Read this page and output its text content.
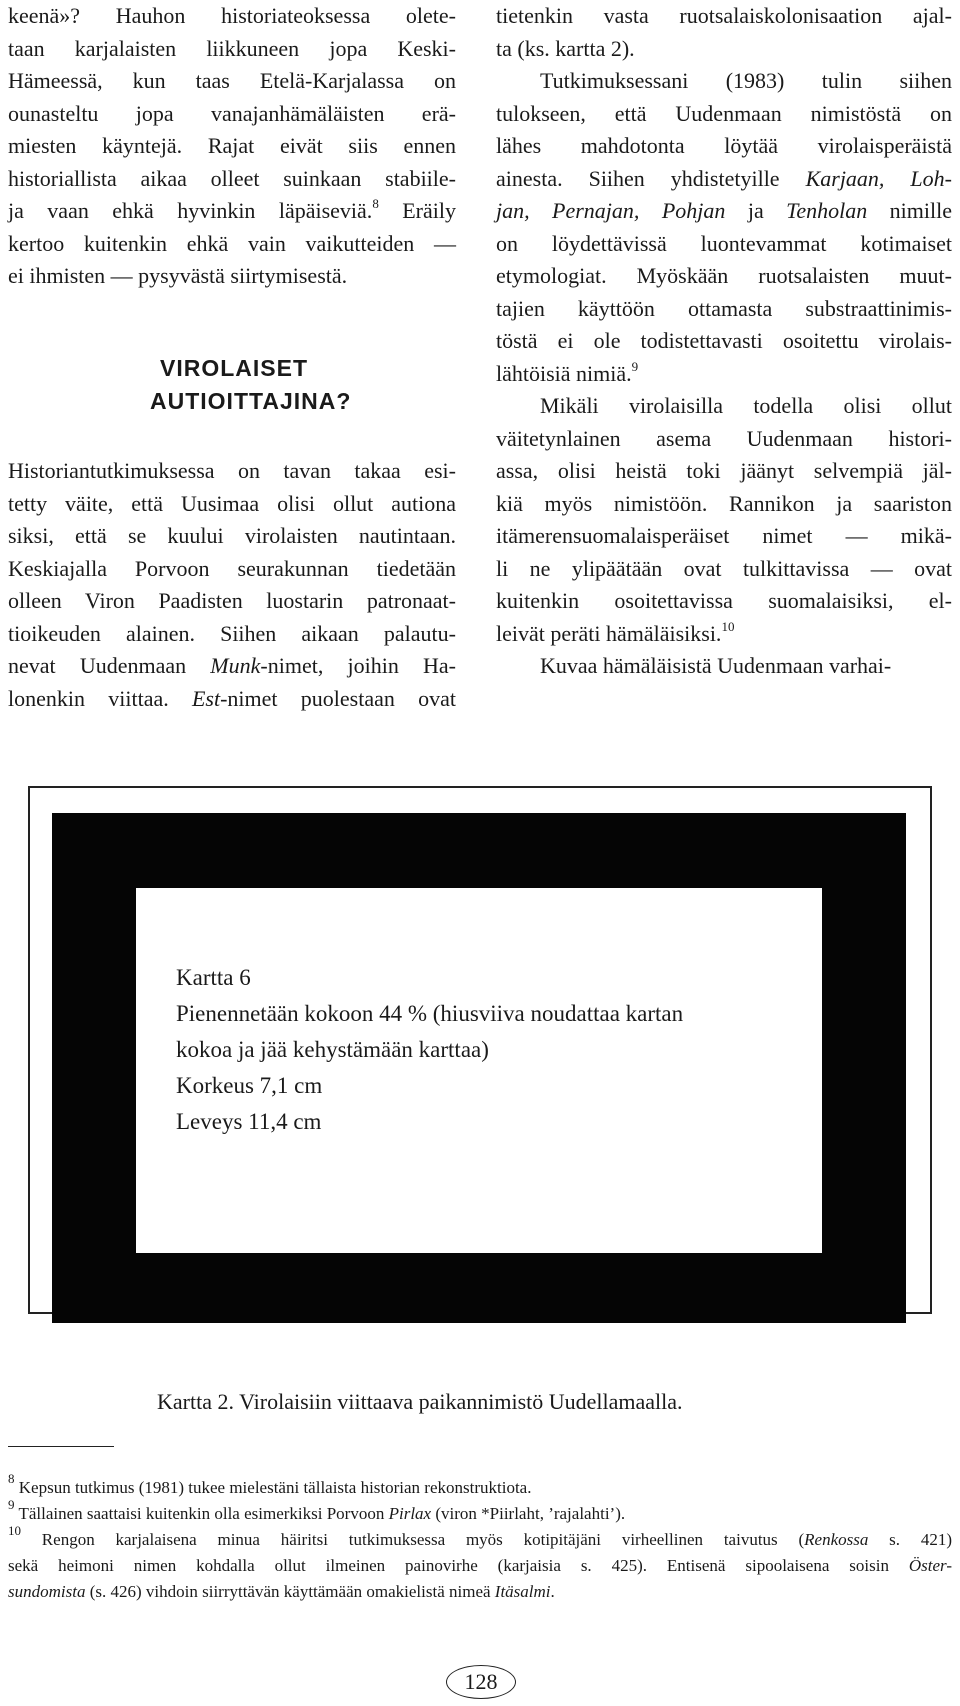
keenä»? Hauhon historiateoksessa olete-
taan karjalaisten liikkuneen jopa Keski-
Hämeessä, kun taas Etelä-Karjalassa on
ounasteltu jopa vanajanhämäläisten erä-
miesten käyntejä. Rajat eivät siis ennen
historiallista aikaa olleet suinkaan stabiile-
ja vaan ehkä hyvinkin läpäiseviä.$^8$ Eräily
kertoo kuitenkin ehkä vain vaikutteiden —
ei ihmisten — pysyvästä siirtymisestä.
VIROLAISET
AUTIOITTAJINA?
Historiantutkimuksessa on tavan takaa esi-
tetty väite, että Uusimaa olisi ollut autiona
siksi, että se kuului virolaisten nautintaan.
Keskiajalla Porvoon seurakunnan tiedetään
olleen Viron Paadisten luostarin patronaat-
tioikeuden alainen. Siihen aikaan palautu-
nevat Uudenmaan Munk-nimet, joihin Ha-
lonenkin viittaa. Est-nimet puolestaan ovat
tietenkin vasta ruotsalaiskolonisaation ajal-
ta (ks. kartta 2).
Tutkimuksessani (1983) tulin siihen
tulokseen, että Uudenmaan nimistöstä on
lähes mahdotonta löytää virolaisperäistä
ainesta. Siihen yhdistetyille Karjaan, Loh-
jan, Pernajan, Pohjan ja Tenholan nimille
on löydettävissä luontevammat kotimaiset
etymologiat. Myöskään ruotsalaisten muut-
tajien käyttöön ottamasta substraattinimis-
töstä ei ole todistettavasti osoitettu virolais-
lähtöisiä nimiä.$^9$
Mikäli virolaisilla todella olisi ollut
väitetynlainen asema Uudenmaan histori-
assa, olisi heistä toki jäänyt selvempiä jäl-
kiä myös nimistöön. Rannikon ja saariston
itämerensuomalaisperäiset nimet — mikä-
li ne ylipäätään ovat tulkittavissa — ovat
kuitenkin osoitettavissa suomalaisiksi, el-
leivät peräti hämäläisiksi.$^{10}$
Kuvaa hämäläisistä Uudenmaan varhai-
Kartta 6
Pienennetään kokoon 44 % (hiusviiva noudattaa kartan
kokoa ja jää kehystämään karttaa)
Korkeus 7,1 cm
Leveys 11,4 cm
Kartta 2. Virolaisiin viittaava paikannimistö Uudellamaalla.
$^8$ Kepsun tutkimus (1981) tukee mielestäni tällaista historian rekonstruktiota.
$^9$ Tällainen saattaisi kuitenkin olla esimerkiksi Porvoon Pirlax (viron *Piirlaht, ’rajalahti’).
$^{10}$ Rengon karjalaisena minua häiritsi tutkimuksessa myös kotipitäjäni virheellinen taivutus (Renkossa s. 421)
sekä heimoni nimen kohdalla ollut ilmeinen painovirhe (karjaisia s. 425). Entisenä sipoolaisena soisin Öster-
sundomista (s. 426) vihdoin siirryttävän käyttämään omakielistä nimeä Itäsalmi.
128
